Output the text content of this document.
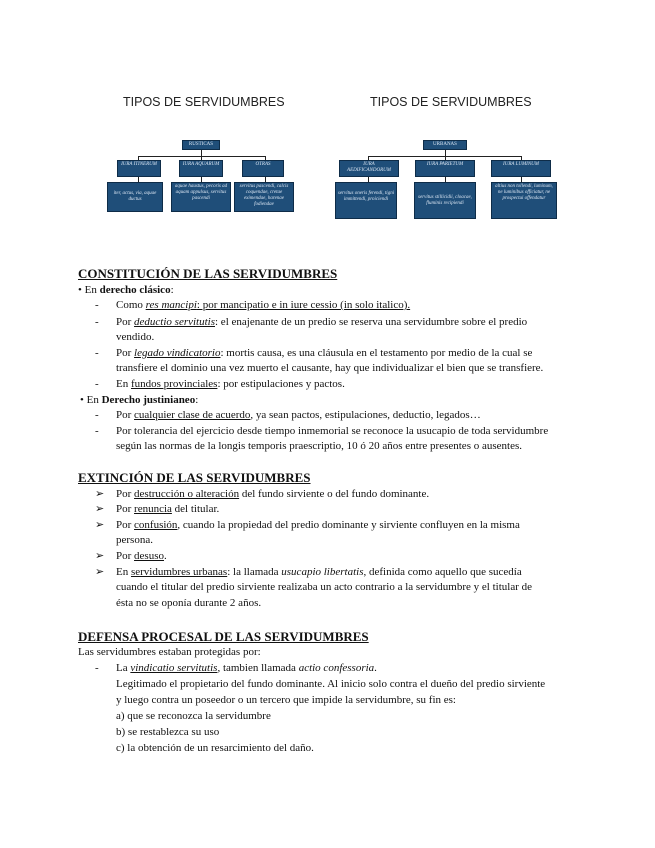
TIPOS DE SERVIDUMBRES	TIPOS DE SERVIDUMBRES
RUSTICAS
IURA ITINERUM	IURA AQUARUM	OTRAS
iter, actus, via, aquae ductus
aquae haustus, pecoris ad aquam appulsus, servitus pascendi
servitus pascendi, calcis coquendae, cretae eximendae, harenae fodiendae
URBANAS
IURA AEDIFICANDORUM
IURA PARIETUM	IURA LUMINUM
servitus oneris ferendi, tigni immittendi, proiciendi	servitus stillicidii, cloacae, fluminis recipiendi
altius non tollendi, luminum, ne luminibus officiatur, ne prospectui offendatur
CONSTITUCIÓN DE LAS SERVIDUMBRES
• En derecho clásico:
- Como res mancipi: por mancipatio e in iure cessio (in solo italico).
- Por deductio servitutis: el enajenante de un predio se reserva una servidumbre sobre el predio
vendido.
- Por legado vindicatorio: mortis causa, es una cláusula en el testamento por medio de la cual se
transfiere el dominio una vez muerto el causante, hay que individualizar el bien que se transfiere.
- En fundos provinciales: por estipulaciones y pactos.
• En Derecho justinianeo:
- Por cualquier clase de acuerdo, ya sean pactos, estipulaciones, deductio, legados…
- Por tolerancia del ejercicio desde tiempo inmemorial se reconoce la usucapio de toda servidumbre
según las normas de la longis temporis praescriptio, 10 ó 20 años entre presentes o ausentes.
EXTINCIÓN DE LAS SERVIDUMBRES
➢ Por destrucción o alteración del fundo sirviente o del fundo dominante.
➢ Por renuncia del titular.
➢ Por confusión, cuando la propiedad del predio dominante y sirviente confluyen en la misma
persona.
➢ Por desuso.
➢ En servidumbres urbanas: la llamada usucapio libertatis, definida como aquello que sucedía
cuando el titular del predio sirviente realizaba un acto contrario a la servidumbre y el titular de
ésta no se oponía durante 2 años.
DEFENSA PROCESAL DE LAS SERVIDUMBRES
Las servidumbres estaban protegidas por:
- La vindicatio servitutis, tambien llamada actio confessoria.
Legitimado el propietario del fundo dominante. Al inicio solo contra el dueño del predio sirviente
y luego contra un poseedor o un tercero que impide la servidumbre, su fin es:
a) que se reconozca la servidumbre
b) se restablezca su uso
c) la obtención de un resarcimiento del daño.
